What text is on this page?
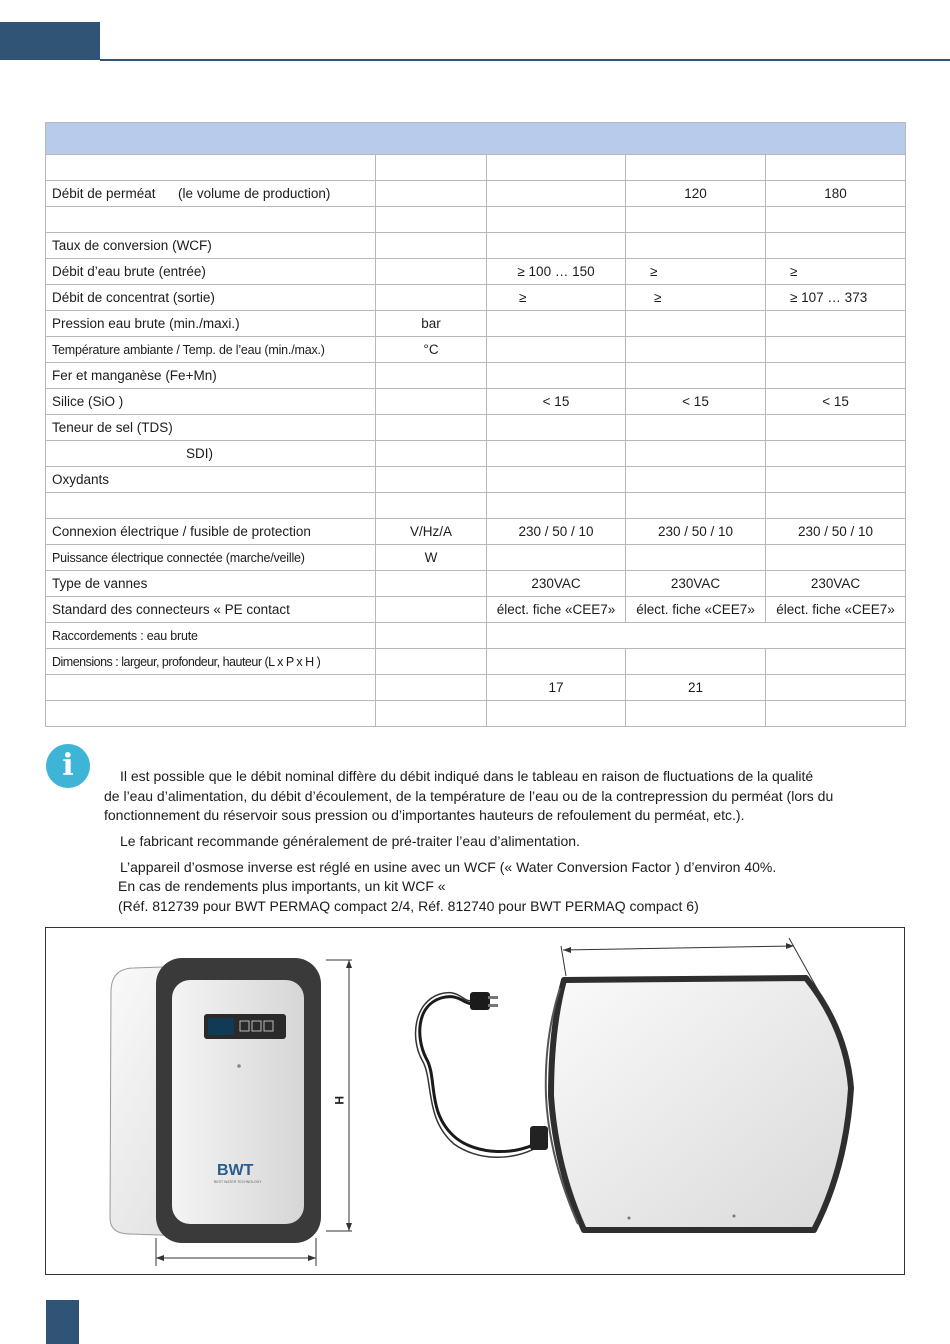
Débit de perméat      (le volume de production)			120	180

Taux de conversion (WCF)				
Débit d’eau brute (entrée)		≥ 100 … 150	≥	≥
Débit de concentrat (sortie)		≥	≥	≥ 107 … 373
Pression eau brute (min./maxi.)	bar			
Température ambiante / Temp. de l’eau (min./max.)	°C			
Fer et manganèse (Fe+Mn)				
Silice (SiO )		< 15	< 15	< 15
Teneur de sel (TDS)				
SDI)				
Oxydants				

Connexion électrique / fusible de protection	V/Hz/A	230 / 50 / 10	230 / 50 / 10	230 / 50 / 10
Puissance électrique connectée (marche/veille)	W			
Type de vannes		230VAC	230VAC	230VAC
Standard des connecteurs « PE contact		élect. fiche «CEE7»	élect. fiche «CEE7»	élect. fiche «CEE7»
Raccordements : eau brute				
Dimensions : largeur, profondeur, hauteur (L x P x H )				
		17	21	

i	Il est possible que le débit nominal diffère du débit indiqué dans le tableau en raison de fluctuations de la qualité
de l’eau d’alimentation, du débit d’écoulement, de la température de l’eau ou de la contrepression du perméat (lors du
fonctionnement du réservoir sous pression ou d’importantes hauteurs de refoulement du perméat, etc.).
Le fabricant recommande généralement de pré-traiter l’eau d’alimentation.
L’appareil d’osmose inverse est réglé en usine avec un WCF (« Water Conversion Factor ) d’environ 40%.
En cas de rendements plus importants, un kit WCF «
(Réf. 812739 pour BWT PERMAQ compact 2/4, Réf. 812740 pour BWT PERMAQ compact 6)
BWT
BEST WATER TECHNOLOGY
H
